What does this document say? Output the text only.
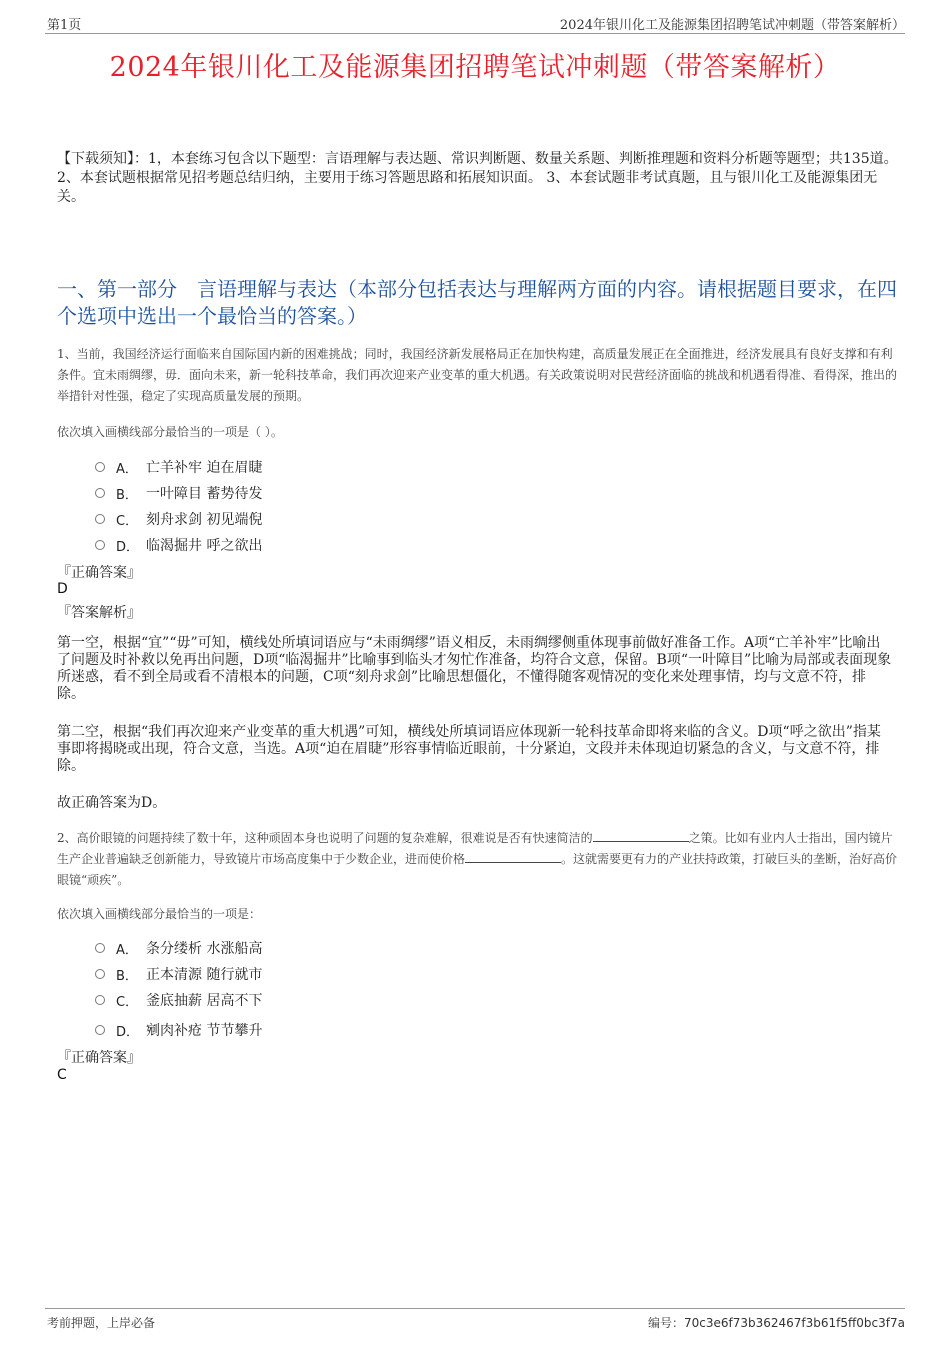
第1页	2024年银川化工及能源集团招聘笔试冲刺题（带答案解析）
2024年银川化工及能源集团招聘笔试冲刺题（带答案解析）
【下载须知】：1，本套练习包含以下题型：言语理解与表达题、常识判断题、数量关系题、判断推理题和资料分析题等题型；共135道。 2、本套试题根据常见招考题总结归纳，主要用于练习答题思路和拓展知识面。 3、本套试题非考试真题，且与银川化工及能源集团无关。
一、第一部分　言语理解与表达（本部分包括表达与理解两方面的内容。请根据题目要求，在四个选项中选出一个最恰当的答案。）
1、当前，我国经济运行面临来自国际国内新的困难挑战；同时，我国经济新发展格局正在加快构建，高质量发展正在全面推进，经济发展具有良好支撑和有利条件。宜未雨绸缪，毋．面向未来，新一轮科技革命，我们再次迎来产业变革的重大机遇。有关政策说明对民营经济面临的挑战和机遇看得准、看得深，推出的举措针对性强，稳定了实现高质量发展的预期。
依次填入画横线部分最恰当的一项是（ ）。
A． 亡羊补牢 迫在眉睫
B． 一叶障目 蓄势待发
C． 刻舟求剑 初见端倪
D． 临渴掘井 呼之欲出
『正确答案』
D
『答案解析』
第一空，根据“宜”“毋”可知，横线处所填词语应与“未雨绸缪”语义相反，未雨绸缪侧重体现事前做好准备工作。A项“亡羊补牢”比喻出了问题及时补救以免再出问题，D项“临渴掘井”比喻事到临头才匆忙作准备，均符合文意，保留。B项“一叶障目”比喻为局部或表面现象所迷惑，看不到全局或看不清根本的问题，C项“刻舟求剑”比喻思想僵化，不懂得随客观情况的变化来处理事情，均与文意不符，排除。
第二空，根据“我们再次迎来产业变革的重大机遇”可知，横线处所填词语应体现新一轮科技革命即将来临的含义。D项“呼之欲出”指某事即将揭晓或出现，符合文意，当选。A项“迫在眉睫”形容事情临近眼前，十分紧迫，文段并未体现迫切紧急的含义，与文意不符，排除。
故正确答案为D。
2、高价眼镜的问题持续了数十年，这种顽固本身也说明了问题的复杂难解，很难说是否有快速简洁的	之策。比如有业内人士指出，国内镜片生产企业普遍缺乏创新能力，导致镜片市场高度集中于少数企业，进而使价格	。这就需要更有力的产业扶持政策，打破巨头的垄断，治好高价眼镜“顽疾”。
依次填入画横线部分最恰当的一项是：
A． 条分缕析 水涨船高
B． 正本清源 随行就市
C． 釜底抽薪 居高不下
D． 剜肉补疮 节节攀升
『正确答案』
C
考前押题，上岸必备	编号：70c3e6f73b362467f3b61f5ff0bc3f7a
